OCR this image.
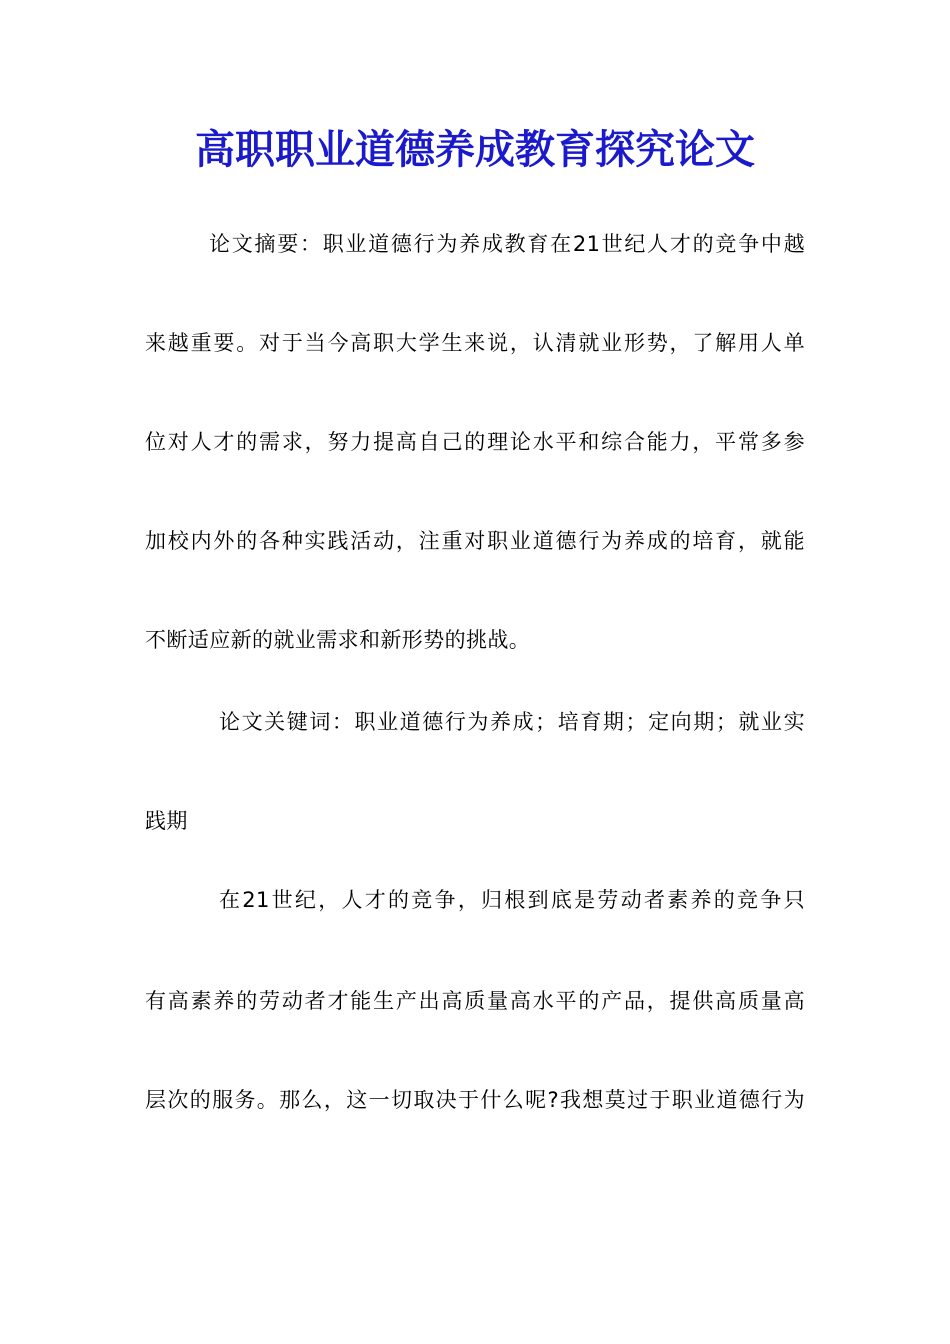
高职职业道德养成教育探究论文
论文摘要：职业道德行为养成教育在21世纪人才的竞争中越
来越重要。对于当今高职大学生来说，认清就业形势，了解用人单
位对人才的需求，努力提高自己的理论水平和综合能力，平常多参
加校内外的各种实践活动，注重对职业道德行为养成的培育，就能
不断适应新的就业需求和新形势的挑战。
论文关键词：职业道德行为养成；培育期；定向期；就业实
践期
在21世纪，人才的竞争，归根到底是劳动者素养的竞争只
有高素养的劳动者才能生产出高质量高水平的产品，提供高质量高
层次的服务。那么，这一切取决于什么呢?我想莫过于职业道德行为
